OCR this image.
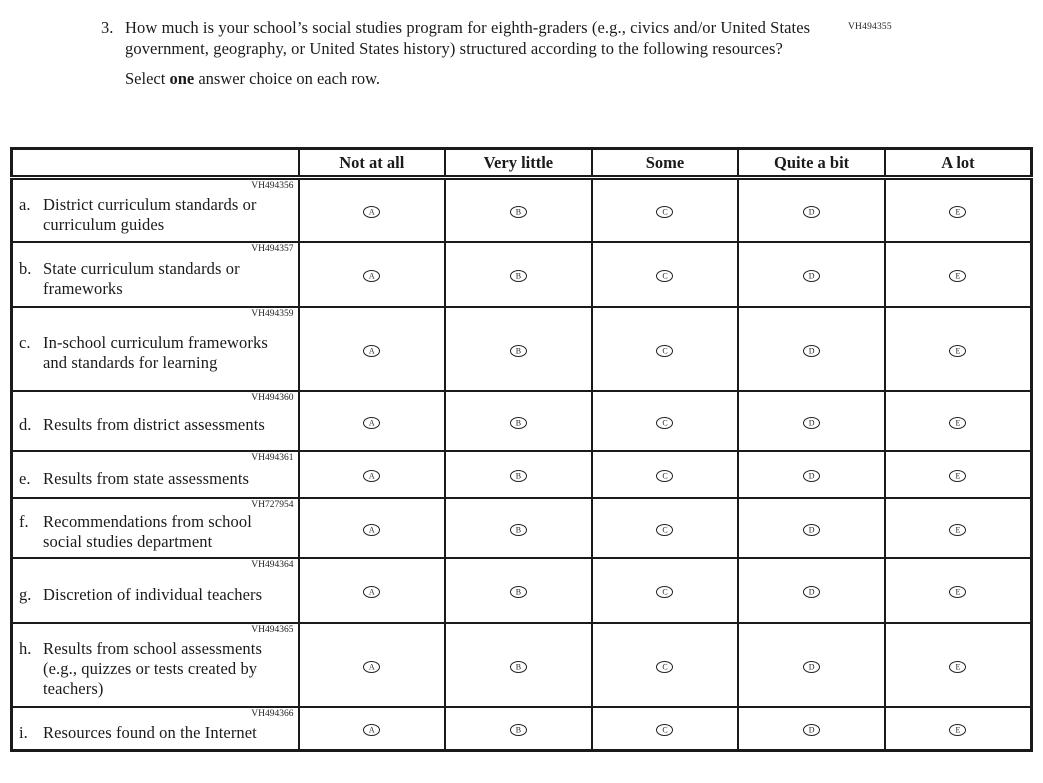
VH494355
3. How much is your school’s social studies program for eighth-graders (e.g., civics and/or United States government, geography, or United States history) structured according to the following resources?
Select one answer choice on each row.
	Not at all	Very little	Some	Quite a bit	A lot

VH494356
a. District curriculum standards or curriculum guides	A	B	C	D	E

VH494357
b. State curriculum standards or frameworks	A	B	C	D	E

VH494359
c. In-school curriculum frameworks and standards for learning	A	B	C	D	E

VH494360
d. Results from district assessments	A	B	C	D	E

VH494361
e. Results from state assessments	A	B	C	D	E

VH727954
f. Recommendations from school social studies department	A	B	C	D	E

VH494364
g. Discretion of individual teachers	A	B	C	D	E

VH494365
h. Results from school assessments (e.g., quizzes or tests created by teachers)	A	B	C	D	E

VH494366
i. Resources found on the Internet	A	B	C	D	E
